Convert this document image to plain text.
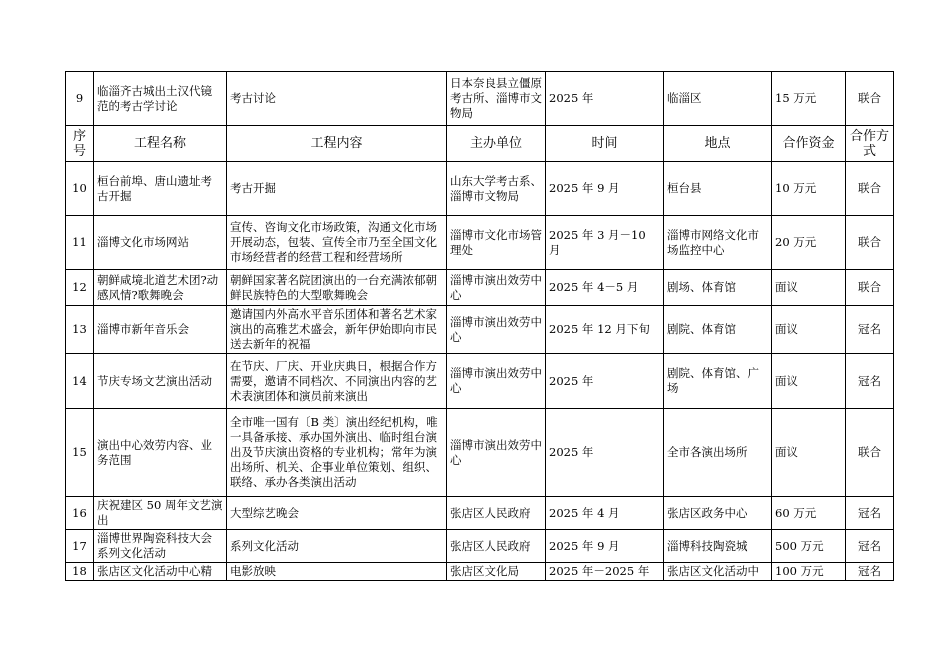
9	临淄齐古城出土汉代镜范的考古学讨论	考古讨论	日本奈良县立僵原考古所、淄博市文物局	2025 年	临淄区	15 万元	联合
序号	工程名称	工程内容	主办单位	时间	地点	合作资金	合作方式
10	桓台前埠、唐山遗址考古开掘	考古开掘	山东大学考古系、淄博市文物局	2025 年 9 月	桓台县	10 万元	联合
11	淄博文化市场网站	宣传、咨询文化市场政策，沟通文化市场开展动态，包装、宣传全市乃至全国文化市场经营者的经营工程和经营场所	淄博市文化市场管理处	2025 年 3 月－10 月	淄博市网络文化市场监控中心	20 万元	联合
12	朝鲜咸境北道艺术团?动感风情?歌舞晚会	朝鲜国家著名院团演出的一台充满浓郁朝鲜民族特色的大型歌舞晚会	淄博市演出效劳中心	2025 年 4－5 月	剧场、体育馆	面议	联合
13	淄博市新年音乐会	邀请国内外高水平音乐团体和著名艺术家演出的高雅艺术盛会，新年伊始即向市民送去新年的祝福	淄博市演出效劳中心	2025 年 12 月下旬	剧院、体育馆	面议	冠名
14	节庆专场文艺演出活动	在节庆、厂庆、开业庆典日，根据合作方需要，邀请不同档次、不同演出内容的艺术表演团体和演员前来演出	淄博市演出效劳中心	2025 年	剧院、体育馆、广场	面议	冠名
15	演出中心效劳内容、业务范围	全市唯一国有〔B 类〕演出经纪机构，唯一具备承接、承办国外演出、临时组台演出及节庆演出资格的专业机构；常年为演出场所、机关、企事业单位策划、组织、联络、承办各类演出活动	淄博市演出效劳中心	2025 年	全市各演出场所	面议	联合
16	庆祝建区 50 周年文艺演出	大型综艺晚会	张店区人民政府	2025 年 4 月	张店区政务中心	60 万元	冠名
17	淄博世界陶瓷科技大会系列文化活动	系列文化活动	张店区人民政府	2025 年 9 月	淄博科技陶瓷城	500 万元	冠名
18	张店区文化活动中心精	电影放映	张店区文化局	2025 年－2025 年	张店区文化活动中	100 万元	冠名
